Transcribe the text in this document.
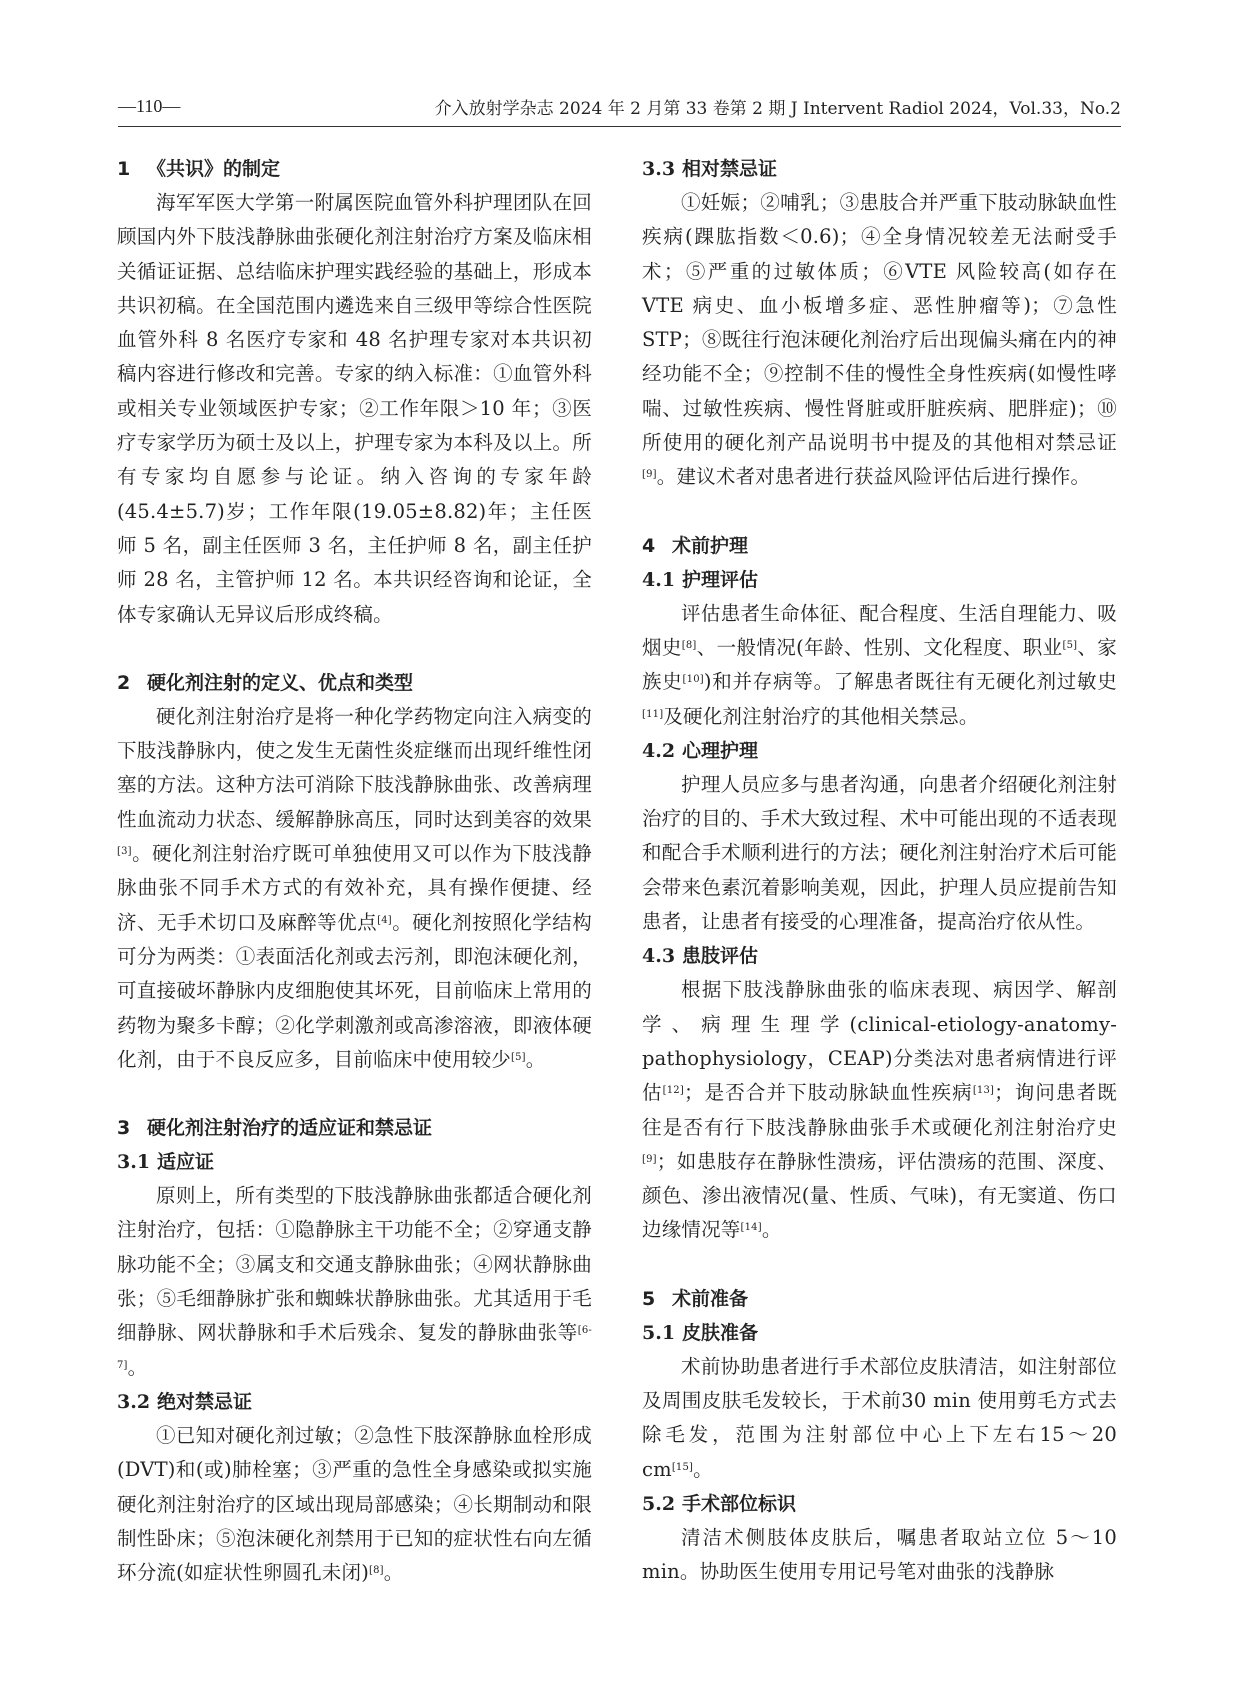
—110—	介入放射学杂志 2024 年 2 月第 33 卷第 2 期 J Intervent Radiol 2024，Vol.33，No.2
1 《共识》的制定

海军军医大学第一附属医院血管外科护理团队在回顾国内外下肢浅静脉曲张硬化剂注射治疗方案及临床相关循证证据、总结临床护理实践经验的基础上，形成本共识初稿。在全国范围内遴选来自三级甲等综合性医院血管外科 8 名医疗专家和 48 名护理专家对本共识初稿内容进行修改和完善。专家的纳入标准：①血管外科或相关专业领域医护专家；②工作年限＞10 年；③医疗专家学历为硕士及以上，护理专家为本科及以上。所有专家均自愿参与论证。纳入咨询的专家年龄(45.4±5.7)岁；工作年限(19.05±8.82)年；主任医师 5 名，副主任医师 3 名，主任护师 8 名，副主任护师 28 名，主管护师 12 名。本共识经咨询和论证，全体专家确认无异议后形成终稿。

2 硬化剂注射的定义、优点和类型

硬化剂注射治疗是将一种化学药物定向注入病变的下肢浅静脉内，使之发生无菌性炎症继而出现纤维性闭塞的方法。这种方法可消除下肢浅静脉曲张、改善病理性血流动力状态、缓解静脉高压，同时达到美容的效果[3]。硬化剂注射治疗既可单独使用又可以作为下肢浅静脉曲张不同手术方式的有效补充，具有操作便捷、经济、无手术切口及麻醉等优点[4]。硬化剂按照化学结构可分为两类：①表面活化剂或去污剂，即泡沫硬化剂，可直接破坏静脉内皮细胞使其坏死，目前临床上常用的药物为聚多卡醇；②化学刺激剂或高渗溶液，即液体硬化剂，由于不良反应多，目前临床中使用较少[5]。

3 硬化剂注射治疗的适应证和禁忌证
3.1 适应证

原则上，所有类型的下肢浅静脉曲张都适合硬化剂注射治疗，包括：①隐静脉主干功能不全；②穿通支静脉功能不全；③属支和交通支静脉曲张；④网状静脉曲张；⑤毛细静脉扩张和蜘蛛状静脉曲张。尤其适用于毛细静脉、网状静脉和手术后残余、复发的静脉曲张等[6-7]。

3.2 绝对禁忌证

①已知对硬化剂过敏；②急性下肢深静脉血栓形成(DVT)和(或)肺栓塞；③严重的急性全身感染或拟实施硬化剂注射治疗的区域出现局部感染；④长期制动和限制性卧床；⑤泡沫硬化剂禁用于已知的症状性右向左循环分流(如症状性卵圆孔未闭)[8]。

3.3 相对禁忌证

①妊娠；②哺乳；③患肢合并严重下肢动脉缺血性疾病(踝肱指数＜0.6)；④全身情况较差无法耐受手术；⑤严重的过敏体质；⑥VTE 风险较高(如存在 VTE 病史、血小板增多症、恶性肿瘤等)；⑦急性 STP；⑧既往行泡沫硬化剂治疗后出现偏头痛在内的神经功能不全；⑨控制不佳的慢性全身性疾病(如慢性哮喘、过敏性疾病、慢性肾脏或肝脏疾病、肥胖症)；⑩所使用的硬化剂产品说明书中提及的其他相对禁忌证[9]。建议术者对患者进行获益风险评估后进行操作。

4 术前护理
4.1 护理评估

评估患者生命体征、配合程度、生活自理能力、吸烟史[8]、一般情况(年龄、性别、文化程度、职业[5]、家族史[10])和并存病等。了解患者既往有无硬化剂过敏史[11]及硬化剂注射治疗的其他相关禁忌。

4.2 心理护理

护理人员应多与患者沟通，向患者介绍硬化剂注射治疗的目的、手术大致过程、术中可能出现的不适表现和配合手术顺利进行的方法；硬化剂注射治疗术后可能会带来色素沉着影响美观，因此，护理人员应提前告知患者，让患者有接受的心理准备，提高治疗依从性。

4.3 患肢评估

根据下肢浅静脉曲张的临床表现、病因学、解剖学、病理生理学(clinical-etiology-anatomy-pathophysiology，CEAP)分类法对患者病情进行评估[12]；是否合并下肢动脉缺血性疾病[13]；询问患者既往是否有行下肢浅静脉曲张手术或硬化剂注射治疗史[9]；如患肢存在静脉性溃疡，评估溃疡的范围、深度、颜色、渗出液情况(量、性质、气味)，有无窦道、伤口边缘情况等[14]。

5 术前准备
5.1 皮肤准备

术前协助患者进行手术部位皮肤清洁，如注射部位及周围皮肤毛发较长，于术前30 min 使用剪毛方式去除毛发，范围为注射部位中心上下左右15～20 cm[15]。

5.2 手术部位标识

清洁术侧肢体皮肤后，嘱患者取站立位 5～10 min。协助医生使用专用记号笔对曲张的浅静脉
